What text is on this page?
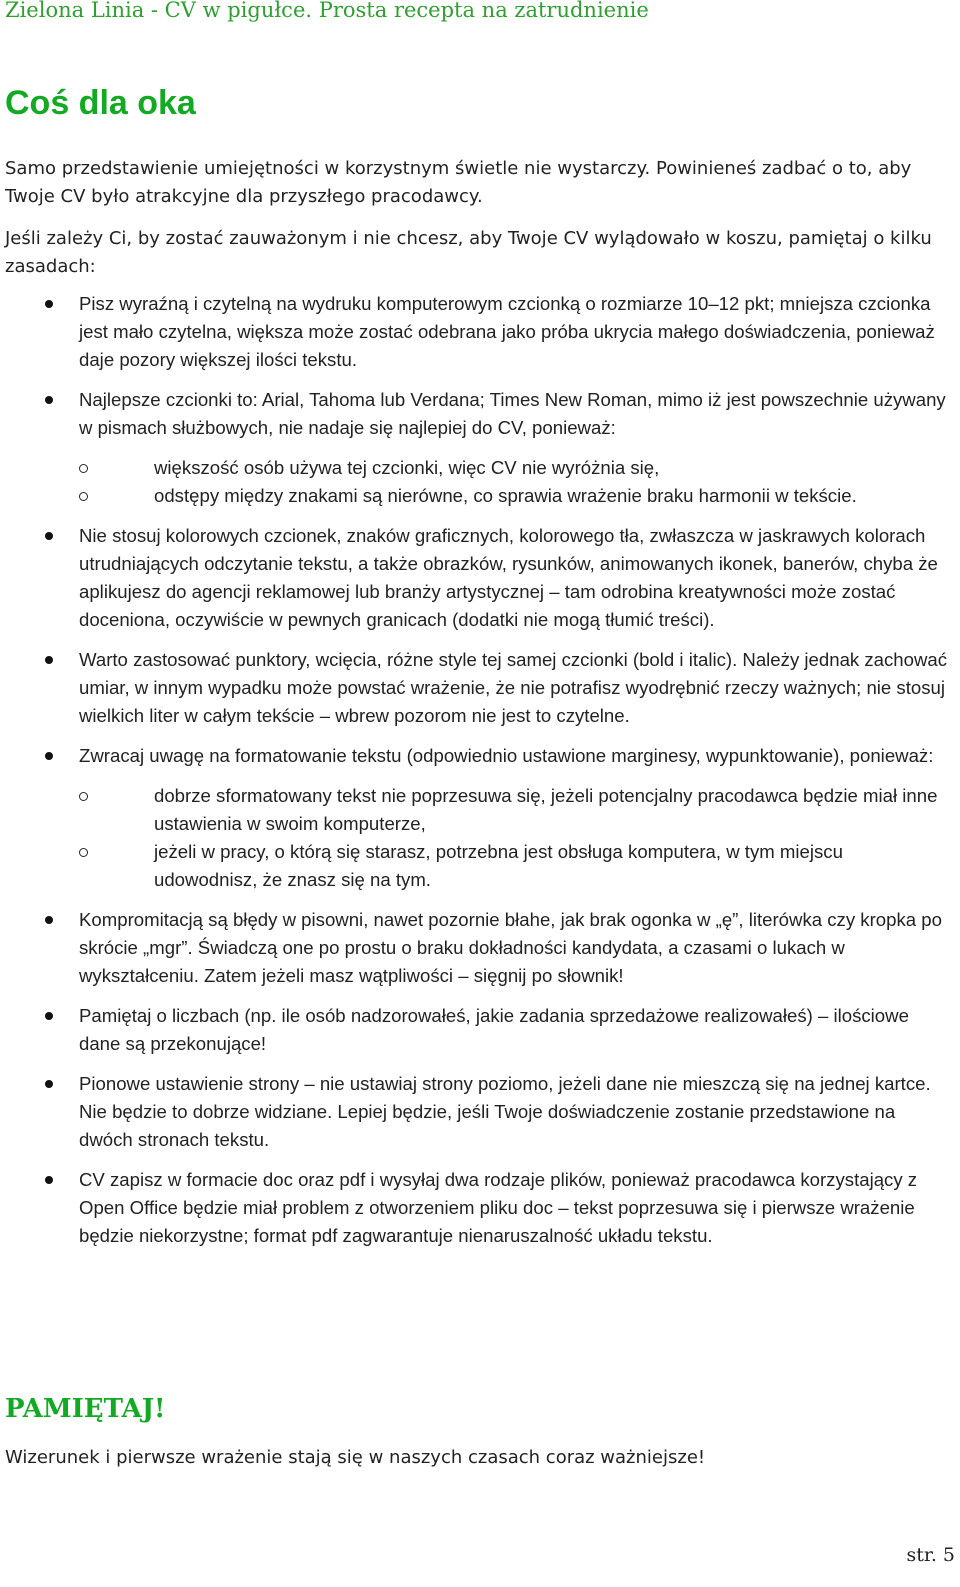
Zielona Linia - CV w pigułce. Prosta recepta na zatrudnienie
Coś dla oka

Samo przedstawienie umiejętności w korzystnym świetle nie wystarczy. Powinieneś zadbać o to, aby Twoje CV było atrakcyjne dla przyszłego pracodawcy.

Jeśli zależy Ci, by zostać zauważonym i nie chcesz, aby Twoje CV wylądowało w koszu, pamiętaj o kilku zasadach:

Pisz wyraźną i czytelną na wydruku komputerowym czcionką o rozmiarze 10–12 pkt; mniejsza czcionka jest mało czytelna, większa może zostać odebrana jako próba ukrycia małego doświadczenia, ponieważ daje pozory większej ilości tekstu.
Najlepsze czcionki to: Arial, Tahoma lub Verdana; Times New Roman, mimo iż jest powszechnie używany w pismach służbowych, nie nadaje się najlepiej do CV, ponieważ:
większość osób używa tej czcionki, więc CV nie wyróżnia się,
odstępy między znakami są nierówne, co sprawia wrażenie braku harmonii w tekście.
Nie stosuj kolorowych czcionek, znaków graficznych, kolorowego tła, zwłaszcza w jaskrawych kolorach utrudniających odczytanie tekstu, a także obrazków, rysunków, animowanych ikonek, banerów, chyba że aplikujesz do agencji reklamowej lub branży artystycznej – tam odrobina kreatywności może zostać doceniona, oczywiście w pewnych granicach (dodatki nie mogą tłumić treści).
Warto zastosować punktory, wcięcia, różne style tej samej czcionki (bold i italic). Należy jednak zachować umiar, w innym wypadku może powstać wrażenie, że nie potrafisz wyodrębnić rzeczy ważnych; nie stosuj wielkich liter w całym tekście – wbrew pozorom nie jest to czytelne.
Zwracaj uwagę na formatowanie tekstu (odpowiednio ustawione marginesy, wypunktowanie), ponieważ:
dobrze sformatowany tekst nie poprzesuwa się, jeżeli potencjalny pracodawca będzie miał inne ustawienia w swoim komputerze,
jeżeli w pracy, o którą się starasz, potrzebna jest obsługa komputera, w tym miejscu udowodnisz, że znasz się na tym.
Kompromitacją są błędy w pisowni, nawet pozornie błahe, jak brak ogonka w „ę”, literówka czy kropka po skrócie „mgr”. Świadczą one po prostu o braku dokładności kandydata, a czasami o lukach w wykształceniu. Zatem jeżeli masz wątpliwości – sięgnij po słownik!
Pamiętaj o liczbach (np. ile osób nadzorowałeś, jakie zadania sprzedażowe realizowałeś) – ilościowe dane są przekonujące!
Pionowe ustawienie strony – nie ustawiaj strony poziomo, jeżeli dane nie mieszczą się na jednej kartce. Nie będzie to dobrze widziane. Lepiej będzie, jeśli Twoje doświadczenie zostanie przedstawione na dwóch stronach tekstu.
CV zapisz w formacie doc oraz pdf i wysyłaj dwa rodzaje plików, ponieważ pracodawca korzystający z Open Office będzie miał problem z otworzeniem pliku doc – tekst poprzesuwa się i pierwsze wrażenie będzie niekorzystne; format pdf zagwarantuje nienaruszalność układu tekstu.
PAMIĘTAJ!

Wizerunek i pierwsze wrażenie stają się w naszych czasach coraz ważniejsze!

str. 5
